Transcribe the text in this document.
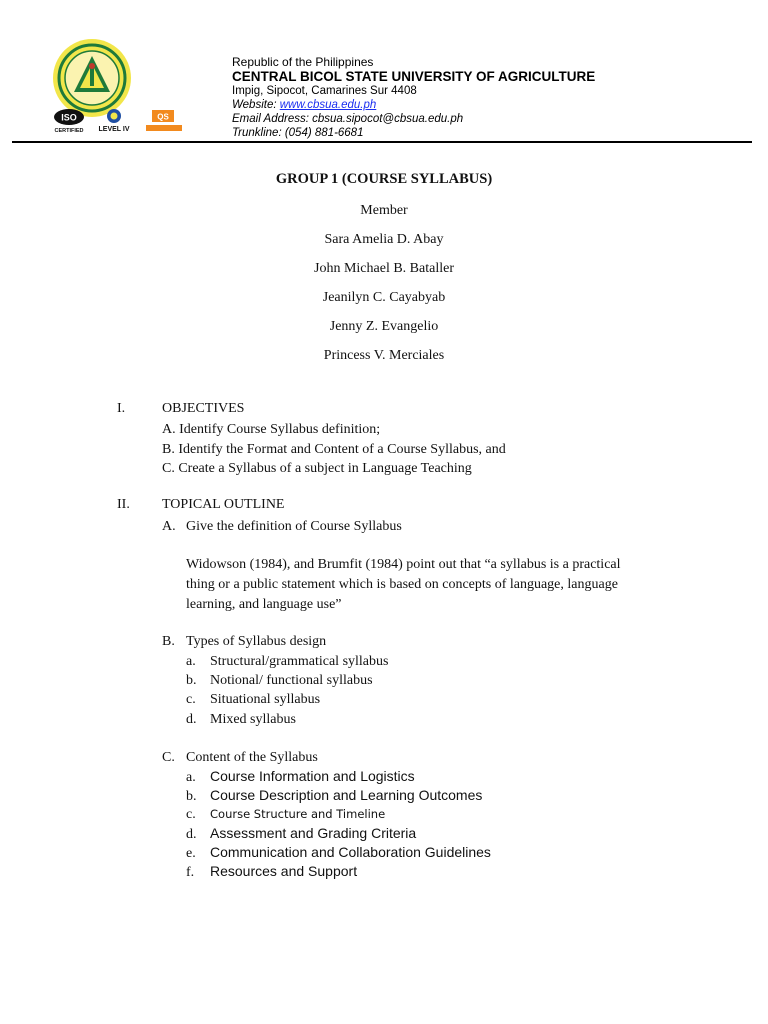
ISO
CERTIFIED LEVEL IV
QS
Republic of the Philippines
CENTRAL BICOL STATE UNIVERSITY OF AGRICULTURE
Impig, Sipocot, Camarines Sur 4408
Website: www.cbsua.edu.ph
Email Address: cbsua.sipocot@cbsua.edu.ph
Trunkline: (054) 881-6681
GROUP 1 (COURSE SYLLABUS)
Member
Sara Amelia D. Abay
John Michael B. Bataller
Jeanilyn C. Cayabyab
Jenny Z. Evangelio
Princess V. Merciales
I.	OBJECTIVES
A. Identify Course Syllabus definition;
B. Identify the Format and Content of a Course Syllabus, and
C. Create a Syllabus of a subject in Language Teaching
II. TOPICAL OUTLINE
A. Give the definition of Course Syllabus
Widowson (1984), and Brumfit (1984) point out that “a syllabus is a practical
thing or a public statement which is based on concepts of language, language
learning, and language use”
B. Types of Syllabus design
a. Structural/grammatical syllabus
b. Notional/ functional syllabus
c. Situational syllabus
d. Mixed syllabus
C. Content of the Syllabus
a. Course Information and Logistics
b. Course Description and Learning Outcomes
c. Course Structure and Timeline
d. Assessment and Grading Criteria
e. Communication and Collaboration Guidelines
f. Resources and Support
